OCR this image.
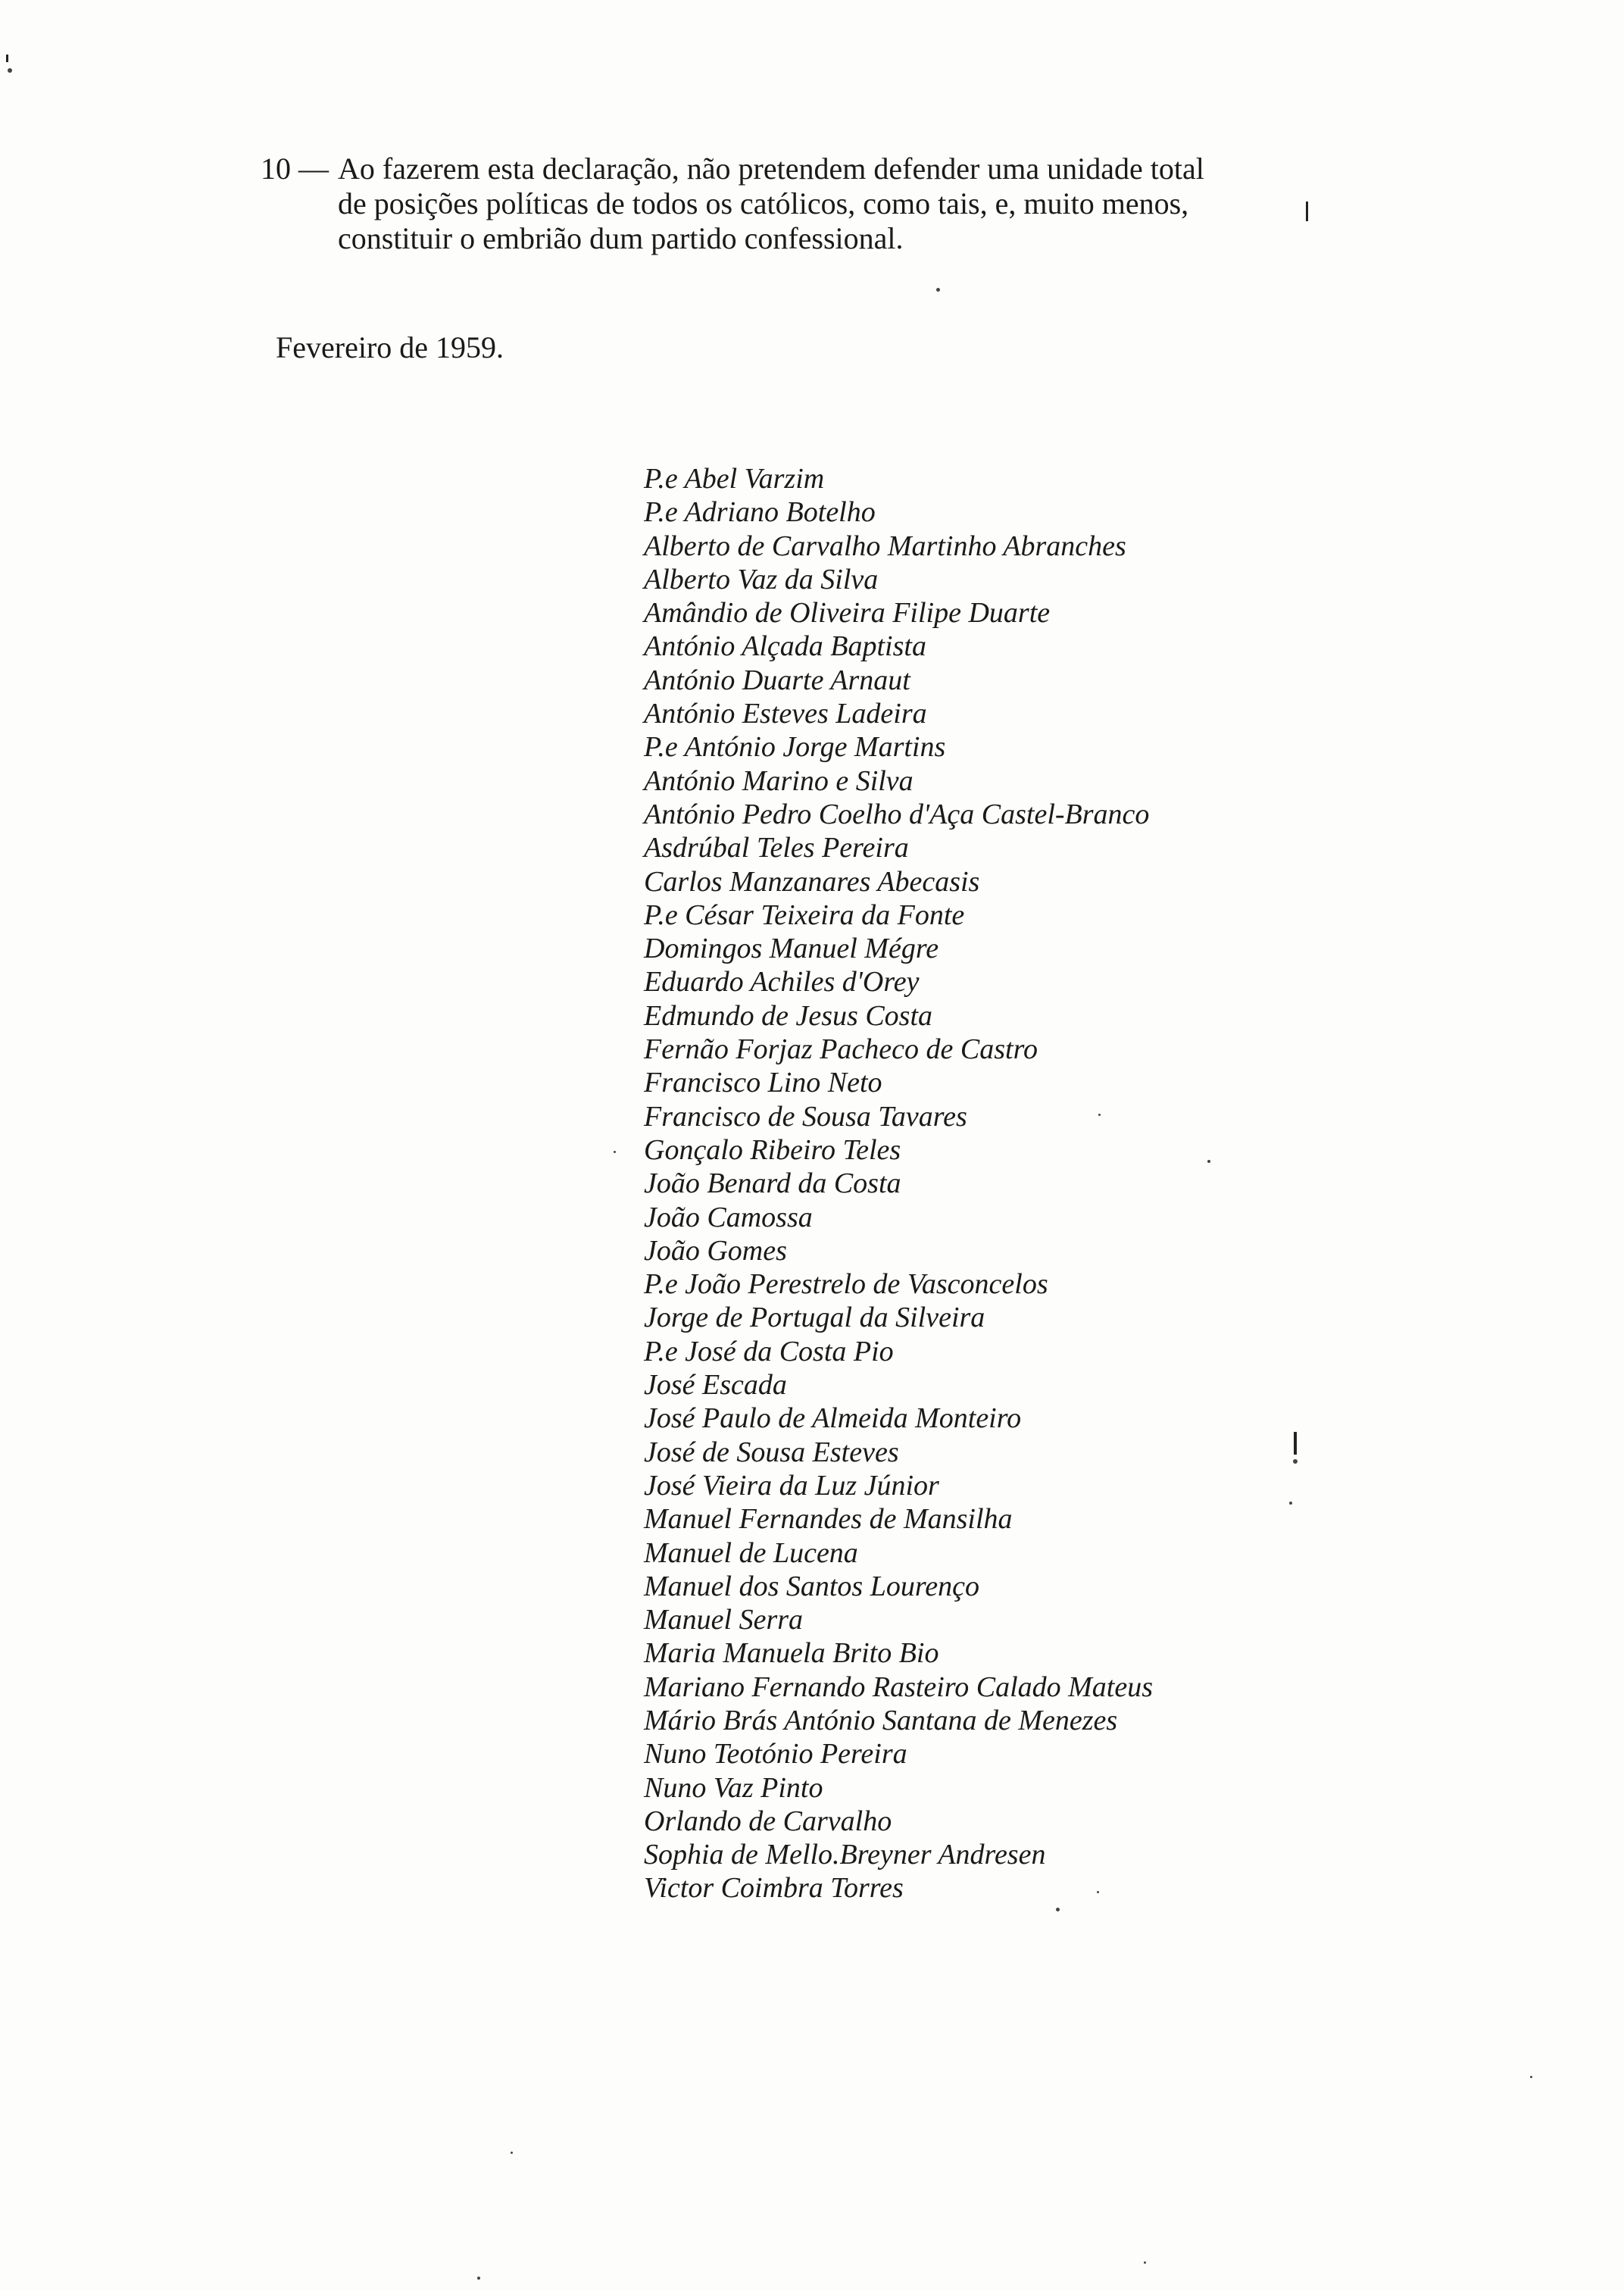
10 — Ao fazerem esta declaração, não pretendem defender uma unidade total
de posições políticas de todos os católicos, como tais, e, muito menos,
constituir o embrião dum partido confessional.
Fevereiro de 1959.
P.e Abel Varzim
P.e Adriano Botelho
Alberto de Carvalho Martinho Abranches
Alberto Vaz da Silva
Amândio de Oliveira Filipe Duarte
António Alçada Baptista
António Duarte Arnaut
António Esteves Ladeira
P.e António Jorge Martins
António Marino e Silva
António Pedro Coelho d'Aça Castel-Branco
Asdrúbal Teles Pereira
Carlos Manzanares Abecasis
P.e César Teixeira da Fonte
Domingos Manuel Mégre
Eduardo Achiles d'Orey
Edmundo de Jesus Costa
Fernão Forjaz Pacheco de Castro
Francisco Lino Neto
Francisco de Sousa Tavares
Gonçalo Ribeiro Teles
João Benard da Costa
João Camossa
João Gomes
P.e João Perestrelo de Vasconcelos
Jorge de Portugal da Silveira
P.e José da Costa Pio
José Escada
José Paulo de Almeida Monteiro
José de Sousa Esteves
José Vieira da Luz Júnior
Manuel Fernandes de Mansilha
Manuel de Lucena
Manuel dos Santos Lourenço
Manuel Serra
Maria Manuela Brito Bio
Mariano Fernando Rasteiro Calado Mateus
Mário Brás António Santana de Menezes
Nuno Teotónio Pereira
Nuno Vaz Pinto
Orlando de Carvalho
Sophia de Mello.Breyner Andresen
Victor Coimbra Torres
